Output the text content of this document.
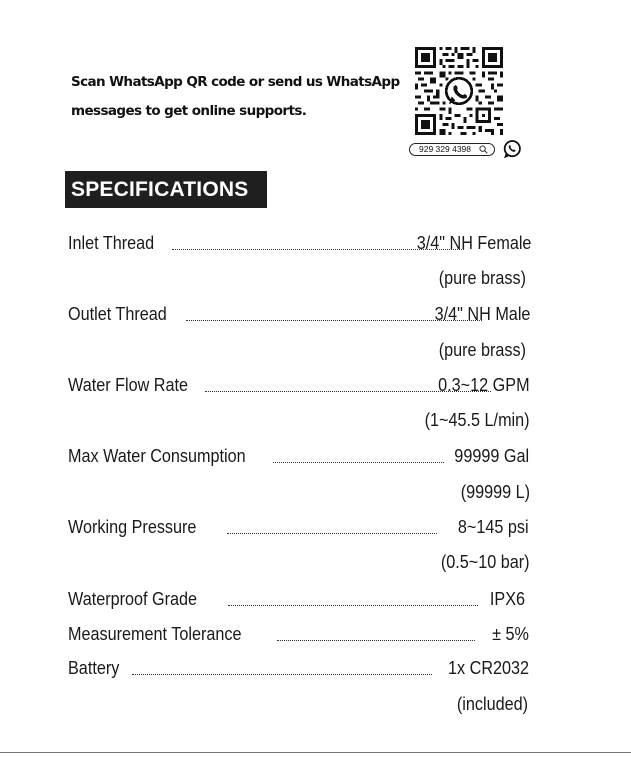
Scan WhatsApp QR code or send us WhatsApp
messages to get online supports.
929 329 4398
SPECIFICATIONS
Inlet Thread	3/4" NH Female
(pure brass)
Outlet Thread	3/4" NH Male
(pure brass)
Water Flow Rate	0.3~12 GPM
(1~45.5 L/min)
Max Water Consumption	99999 Gal
(99999 L)
Working Pressure	8~145 psi
(0.5~10 bar)
Waterproof Grade	IPX6
Measurement Tolerance	± 5%
Battery	1x CR2032
(included)
